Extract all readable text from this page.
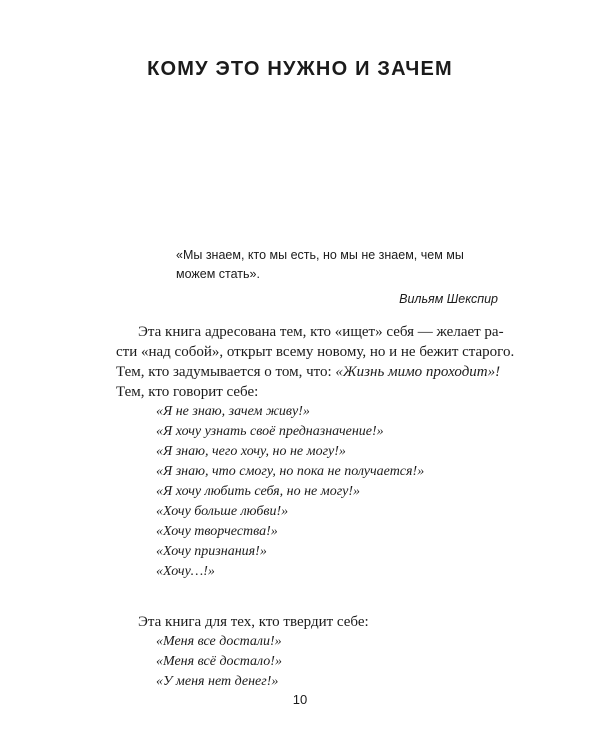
КОМУ ЭТО НУЖНО И ЗАЧЕМ

«Мы знаем, кто мы есть, но мы не знаем, чем мы можем стать».

Вильям Шекспир

Эта книга адресована тем, кто «ищет» себя — желает ра-
сти «над собой», открыт всему новому, но и не бежит старого.
Тем, кто задумывается о том, что: «Жизнь мимо проходит»!
Тем, кто говорит себе:

«Я не знаю, зачем живу!»
«Я хочу узнать своё предназначение!»
«Я знаю, чего хочу, но не могу!»
«Я знаю, что смогу, но пока не получается!»
«Я хочу любить себя, но не могу!»
«Хочу больше любви!»
«Хочу творчества!»
«Хочу признания!»
«Хочу…!»

Эта книга для тех, кто твердит себе:

«Меня все достали!»
«Меня всё достало!»
«У меня нет денег!»

10
